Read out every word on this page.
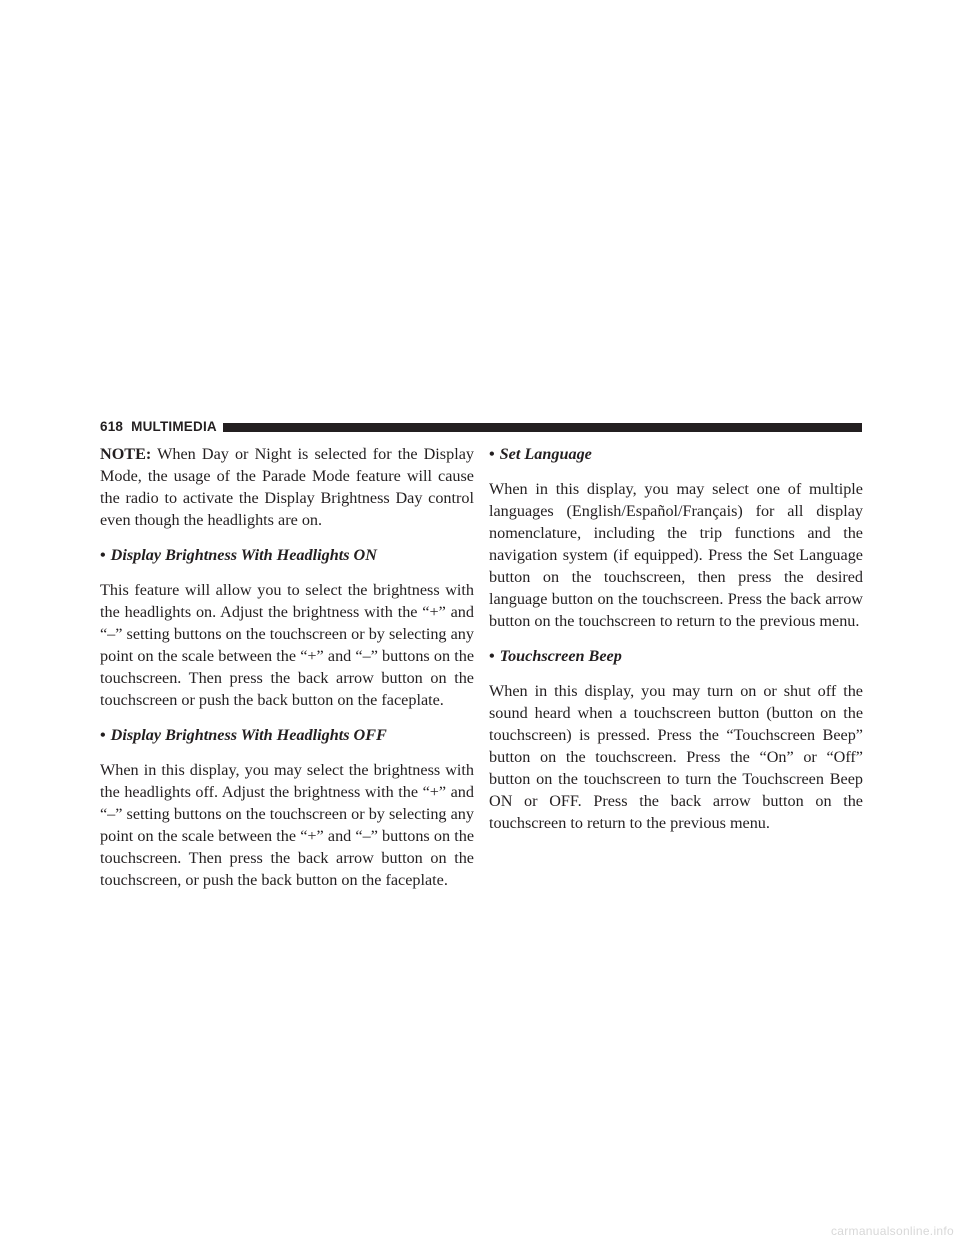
618 MULTIMEDIA

NOTE: When Day or Night is selected for the Display Mode, the usage of the Parade Mode feature will cause the radio to activate the Display Brightness Day control even though the headlights are on.

• Display Brightness With Headlights ON

This feature will allow you to select the brightness with the headlights on. Adjust the brightness with the “+” and “–” setting buttons on the touchscreen or by selecting any point on the scale between the “+” and “–” buttons on the touchscreen. Then press the back arrow button on the touchscreen or push the back button on the faceplate.

• Display Brightness With Headlights OFF

When in this display, you may select the brightness with the headlights off. Adjust the brightness with the “+” and “–” setting buttons on the touchscreen or by selecting any point on the scale between the “+” and “–” buttons on the touchscreen. Then press the back arrow button on the touchscreen, or push the back button on the faceplate.

• Set Language

When in this display, you may select one of multiple languages (English/Español/Français) for all display nomenclature, including the trip functions and the navigation system (if equipped). Press the Set Language button on the touchscreen, then press the desired language button on the touchscreen. Press the back arrow button on the touchscreen to return to the previous menu.

• Touchscreen Beep

When in this display, you may turn on or shut off the sound heard when a touchscreen button (button on the touchscreen) is pressed. Press the “Touchscreen Beep” button on the touchscreen. Press the “On” or “Off” button on the touchscreen to turn the Touchscreen Beep ON or OFF. Press the back arrow button on the touchscreen to return to the previous menu.

carmanualsonline.info
